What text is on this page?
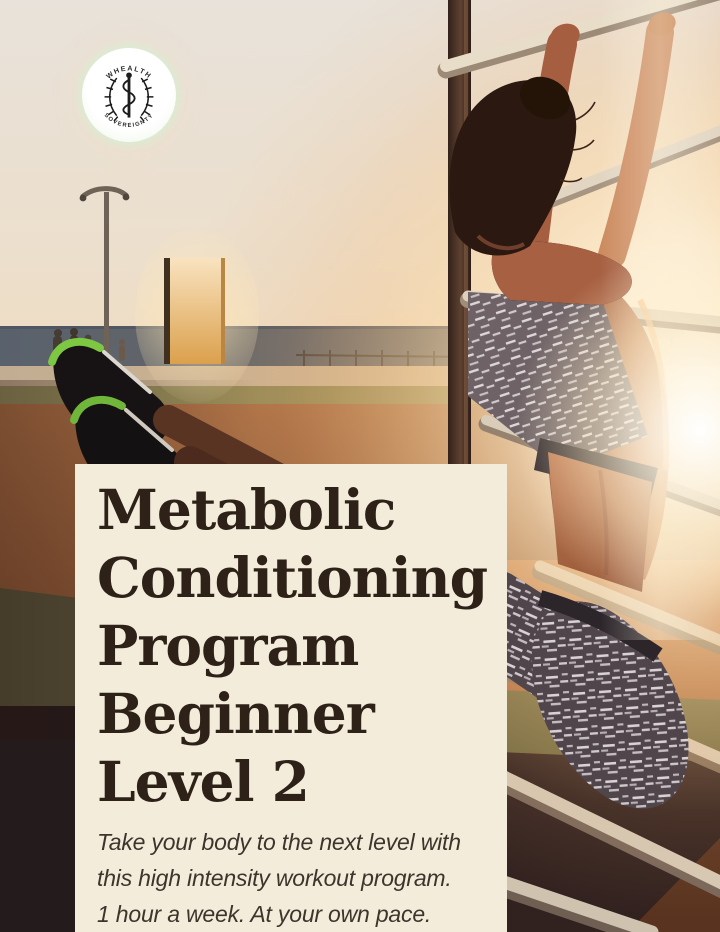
WHEALTH
SOVEREIGNTY
Metabolic
Conditioning
Program
Beginner
Level 2
Take your body to the next level with
this high intensity workout program.
1 hour a week. At your own pace.
